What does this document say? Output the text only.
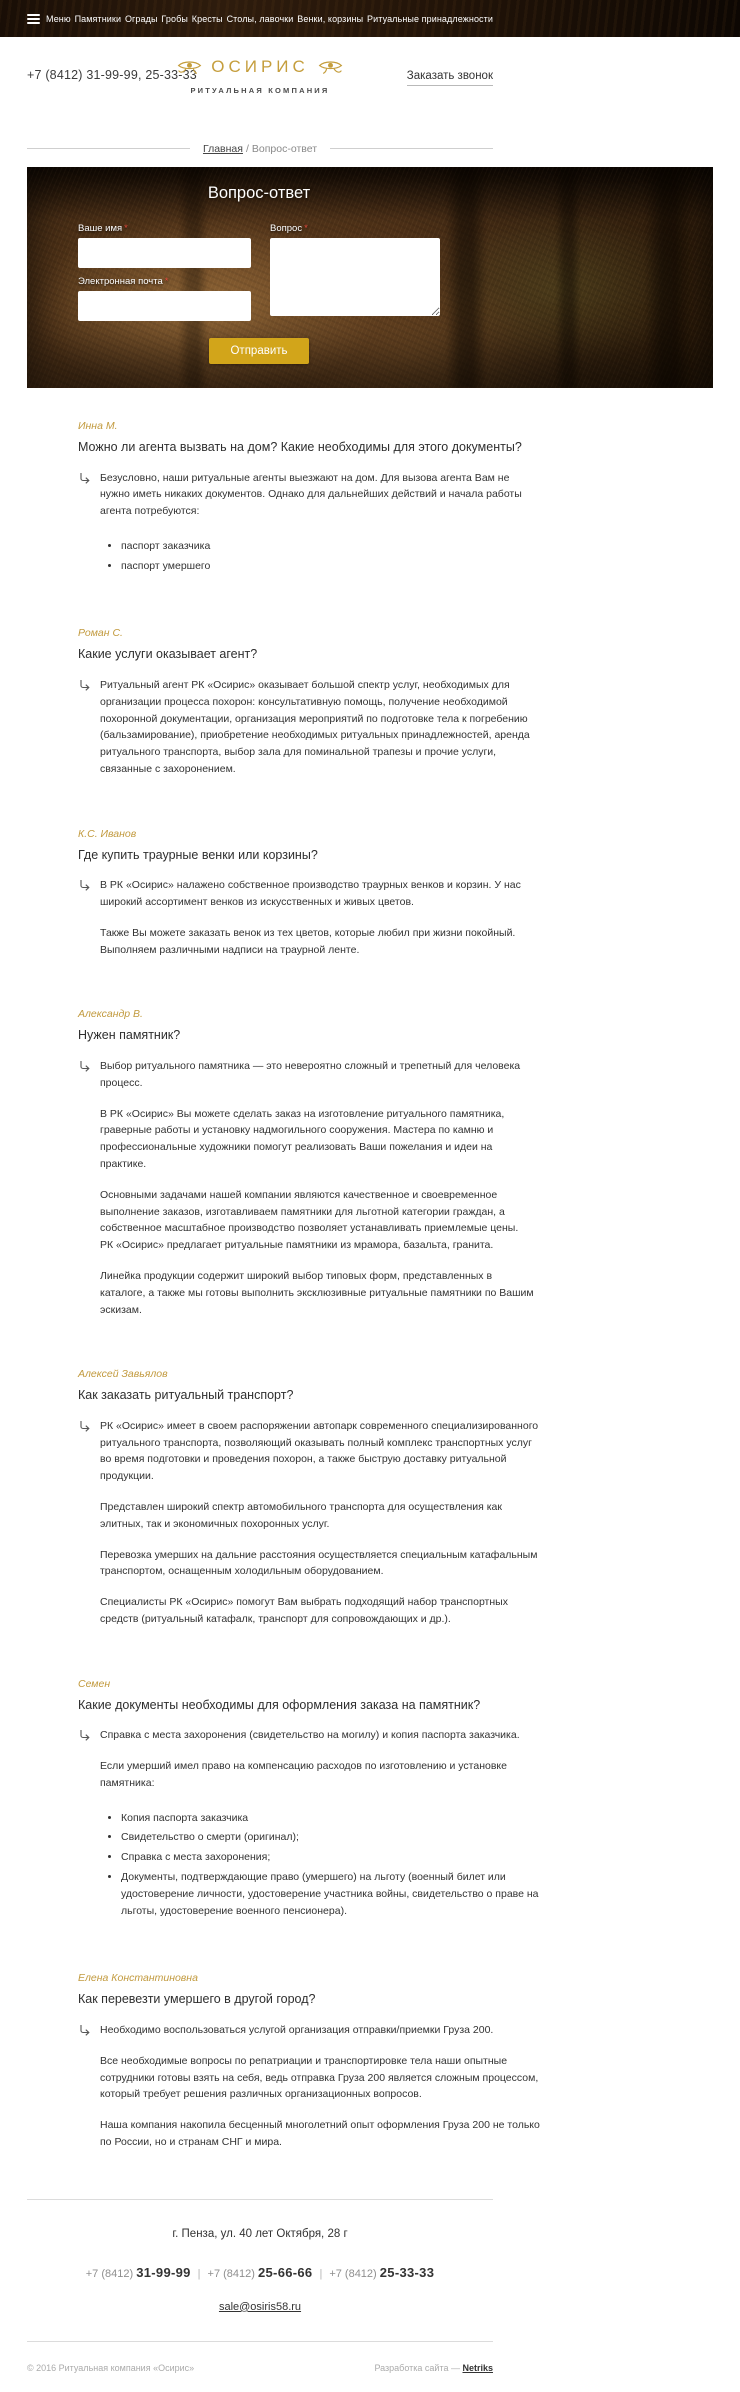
Меню Памятники Ограды Гробы Кресты Столы, лавочки Венки, корзины Ритуальные принадлежности
+7 (8412) 31-99-99, 25-33-33 ОСИРИС
РИТУАЛЬНАЯ КОМПАНИЯ
Заказать звонок
Главная / Вопрос-ответ
Вопрос-ответ
Ваше имя *
Электронная почта *
Вопрос *
Отправить
Инна М.
Можно ли агента вызвать на дом? Какие необходимы для этого документы?

Безусловно, наши ритуальные агенты выезжают на дом. Для вызова агента Вам не нужно иметь никаких документов. Однако для дальнейших действий и начала работы агента потребуются:

• паспорт заказчика
• паспорт умершего
Роман С.
Какие услуги оказывает агент?

Ритуальный агент РК «Осирис» оказывает большой спектр услуг, необходимых для организации процесса похорон: консультативную помощь, получение необходимой похоронной документации, организация мероприятий по подготовке тела к погребению (бальзамирование), приобретение необходимых ритуальных принадлежностей, аренда ритуального транспорта, выбор зала для поминальной трапезы и прочие услуги, связанные с захоронением.

К.С. Иванов
Где купить траурные венки или корзины?

В РК «Осирис» налажено собственное производство траурных венков и корзин. У нас широкий ассортимент венков из искусственных и живых цветов.

Также Вы можете заказать венок из тех цветов, которые любил при жизни покойный. Выполняем различными надписи на траурной ленте.

Александр В.
Нужен памятник?

Выбор ритуального памятника — это невероятно сложный и трепетный для человека процесс.

В РК «Осирис» Вы можете сделать заказ на изготовление ритуального памятника, граверные работы и установку надмогильного сооружения. Мастера по камню и профессиональные художники помогут реализовать Ваши пожелания и идеи на практике.

Основными задачами нашей компании являются качественное и своевременное выполнение заказов, изготавливаем памятники для льготной категории граждан, а собственное масштабное производство позволяет устанавливать приемлемые цены.
РК «Осирис» предлагает ритуальные памятники из мрамора, базальта, гранита.

Линейка продукции содержит широкий выбор типовых форм, представленных в каталоге, а также мы готовы выполнить эксклюзивные ритуальные памятники по Вашим эскизам.

Алексей Завьялов
Как заказать ритуальный транспорт?

РК «Осирис» имеет в своем распоряжении автопарк современного специализированного ритуального транспорта, позволяющий оказывать полный комплекс транспортных услуг во время подготовки и проведения похорон, а также быструю доставку ритуальной продукции.

Представлен широкий спектр автомобильного транспорта для осуществления как элитных, так и экономичных похоронных услуг.

Перевозка умерших на дальние расстояния осуществляется специальным катафальным транспортом, оснащенным холодильным оборудованием.

Специалисты РК «Осирис» помогут Вам выбрать подходящий набор транспортных средств (ритуальный катафалк, транспорт для сопровождающих и др.).

Семен
Какие документы необходимы для оформления заказа на памятник?

Справка с места захоронения (свидетельство на могилу) и копия паспорта заказчика.

Если умерший имел право на компенсацию расходов по изготовлению и установке памятника:

• Копия паспорта заказчика
• Свидетельство о смерти (оригинал);
• Справка с места захоронения;
• Документы, подтверждающие право (умершего) на льготу (военный билет или удостоверение личности, удостоверение участника войны, свидетельство о праве на льготы, удостоверение военного пенсионера).
Елена Константиновна
Как перевезти умершего в другой город?

Необходимо воспользоваться услугой организация отправки/приемки Груза 200.

Все необходимые вопросы по репатриации и транспортировке тела наши опытные сотрудники готовы взять на себя, ведь отправка Груза 200 является сложным процессом, который требует решения различных организационных вопросов.

Наша компания накопила бесценный многолетний опыт оформления Груза 200 не только по России, но и странам СНГ и мира.

г. Пенза, ул. 40 лет Октября, 28 г
+7 (8412) 31-99-99 | +7 (8412) 25-66-66 | +7 (8412) 25-33-33
sale@osiris58.ru
© 2016 Ритуальная компания «Осирис»	Разработка сайта — Netriks
